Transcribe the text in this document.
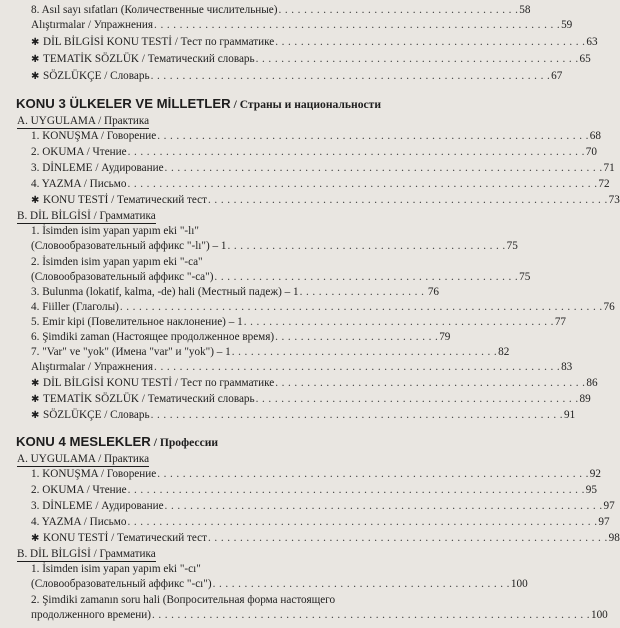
8. Asıl sayı sıfatları (Количественные числительные) . . . . . . . . . . . . . . . . . . . . . . . . . . . . . . . . . . . . . . 58
Alıştırmalar / Упражнения . . . . . . . . . . . . . . . . . . . . . . . . . . . . . . . . . . . . . . . . . . . . . . . . . . . . . . . . . . . . . . . . 59
✱ DİL BİLGİSİ KONU TESTİ / Тест по грамматике . . . . . . . . . . . . . . . . . . . . . . . . . . . . . . . . . . . . . . . . . . . . . . . . . 63
✱ TEMATİK SÖZLÜK / Тематический словарь . . . . . . . . . . . . . . . . . . . . . . . . . . . . . . . . . . . . . . . . . . . . . . . . . . . 65
✱ SÖZLÜKÇE / Словарь . . . . . . . . . . . . . . . . . . . . . . . . . . . . . . . . . . . . . . . . . . . . . . . . . . . . . . . . . . . . . . . 67
KONU 3 ÜLKELER VE MİLLETLER / Страны и национальности
A. UYGULAMA / Практика
1. KONUŞMA / Говорение . . . . . . . . . . . . . . . . . . . . . . . . . . . . . . . . . . . . . . . . . . . . . . . . . . . . . . . . . . . . . . . . . . . . 68
2. OKUMA / Чтение . . . . . . . . . . . . . . . . . . . . . . . . . . . . . . . . . . . . . . . . . . . . . . . . . . . . . . . . . . . . . . . . . . . . . . . . 70
3. DİNLEME / Аудирование . . . . . . . . . . . . . . . . . . . . . . . . . . . . . . . . . . . . . . . . . . . . . . . . . . . . . . . . . . . . . . . . . . . . . 71
4. YAZMA / Письмо . . . . . . . . . . . . . . . . . . . . . . . . . . . . . . . . . . . . . . . . . . . . . . . . . . . . . . . . . . . . . . . . . . . . . . . . . . 72
✱ KONU TESTİ / Тематический тест . . . . . . . . . . . . . . . . . . . . . . . . . . . . . . . . . . . . . . . . . . . . . . . . . . . . . . . . . . . . . . . 73
B. DİL BİLGİSİ / Грамматика
1. İsimden isim yapan yapım eki "-lı"
(Словообразовательный аффикс "-lı") – 1 . . . . . . . . . . . . . . . . . . . . . . . . . . . . . . . . . . . . . . . . . . . . 75
2. İsimden isim yapan yapım eki "-ca"
(Словообразовательный аффикс "-ca") . . . . . . . . . . . . . . . . . . . . . . . . . . . . . . . . . . . . . . . . . . . . . . . . 75
3. Bulunma (lokatif, kalma, -de) hali (Местный падеж) – 1 . . . . . . . . . . . . . . . . . . . . 76
4. Fiiller (Глаголы) . . . . . . . . . . . . . . . . . . . . . . . . . . . . . . . . . . . . . . . . . . . . . . . . . . . . . . . . . . . . . . . . . . . . . . . . . . . . 76
5. Emir kipi (Повелительное наклонение) – 1 . . . . . . . . . . . . . . . . . . . . . . . . . . . . . . . . . . . . . . . . . . . . . . . . . 77
6. Şimdiki zaman (Настоящее продолженное время) . . . . . . . . . . . . . . . . . . . . . . . . . . 79
7. "Var" ve "yok" (Имена "var" и "yok") – 1 . . . . . . . . . . . . . . . . . . . . . . . . . . . . . . . . . . . . . . . . . . 82
Alıştırmalar / Упражнения . . . . . . . . . . . . . . . . . . . . . . . . . . . . . . . . . . . . . . . . . . . . . . . . . . . . . . . . . . . . . . . . 83
✱ DİL BİLGİSİ KONU TESTİ / Тест по грамматике . . . . . . . . . . . . . . . . . . . . . . . . . . . . . . . . . . . . . . . . . . . . . . . . . 86
✱ TEMATİK SÖZLÜK / Тематический словарь . . . . . . . . . . . . . . . . . . . . . . . . . . . . . . . . . . . . . . . . . . . . . . . . . . . 89
✱ SÖZLÜKÇE / Словарь . . . . . . . . . . . . . . . . . . . . . . . . . . . . . . . . . . . . . . . . . . . . . . . . . . . . . . . . . . . . . . . . . 91
KONU 4 MESLEKLER / Профессии
A. UYGULAMA / Практика
1. KONUŞMA / Говорение . . . . . . . . . . . . . . . . . . . . . . . . . . . . . . . . . . . . . . . . . . . . . . . . . . . . . . . . . . . . . . . . . . . . 92
2. OKUMA / Чтение . . . . . . . . . . . . . . . . . . . . . . . . . . . . . . . . . . . . . . . . . . . . . . . . . . . . . . . . . . . . . . . . . . . . . . . . 95
3. DİNLEME / Аудирование . . . . . . . . . . . . . . . . . . . . . . . . . . . . . . . . . . . . . . . . . . . . . . . . . . . . . . . . . . . . . . . . . . . . . 97
4. YAZMA / Письмо . . . . . . . . . . . . . . . . . . . . . . . . . . . . . . . . . . . . . . . . . . . . . . . . . . . . . . . . . . . . . . . . . . . . . . . . . . 97
✱ KONU TESTİ / Тематический тест . . . . . . . . . . . . . . . . . . . . . . . . . . . . . . . . . . . . . . . . . . . . . . . . . . . . . . . . . . . . . . . 98
B. DİL BİLGİSİ / Грамматика
1. İsimden isim yapan yapım eki "-cı"
(Словообразовательный аффикс "-cı") . . . . . . . . . . . . . . . . . . . . . . . . . . . . . . . . . . . . . . . . . . . . . . . 100
2. Şimdiki zamanın soru hali (Вопросительная форма настоящего
продолженного времени) . . . . . . . . . . . . . . . . . . . . . . . . . . . . . . . . . . . . . . . . . . . . . . . . . . . . . . . . . . . . . . . . . . . . . 100
